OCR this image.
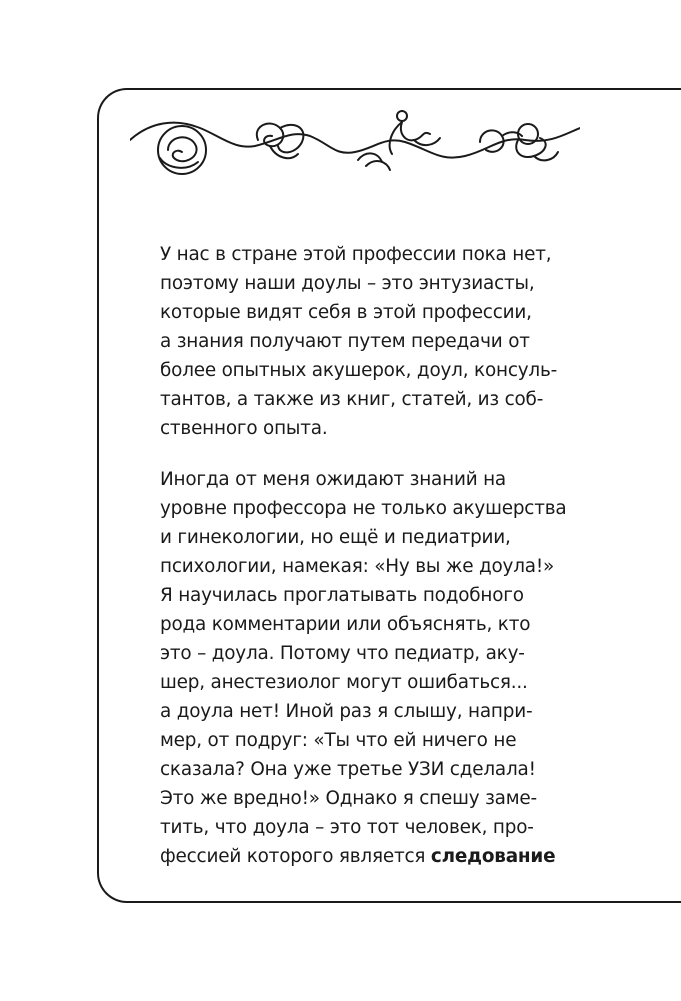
У нас в стране этой профессии пока нет,
поэтому наши доулы – это энтузиасты,
которые видят себя в этой профессии,
а знания получают путем передачи от
более опытных акушерок, доул, консуль-
тантов, а также из книг, статей, из соб-
ственного опыта.
Иногда от меня ожидают знаний на
уровне профессора не только акушерства
и гинекологии, но ещё и педиатрии,
психологии, намекая: «Ну вы же доула!»
Я научилась проглатывать подобного
рода комментарии или объяснять, кто
это – доула. Потому что педиатр, аку-
шер, анестезиолог могут ошибаться...
а доула нет! Иной раз я слышу, напри-
мер, от подруг: «Ты что ей ничего не
сказала? Она уже третье УЗИ сделала!
Это же вредно!» Однако я спешу заме-
тить, что доула – это тот человек, про-
фессией которого является следование
